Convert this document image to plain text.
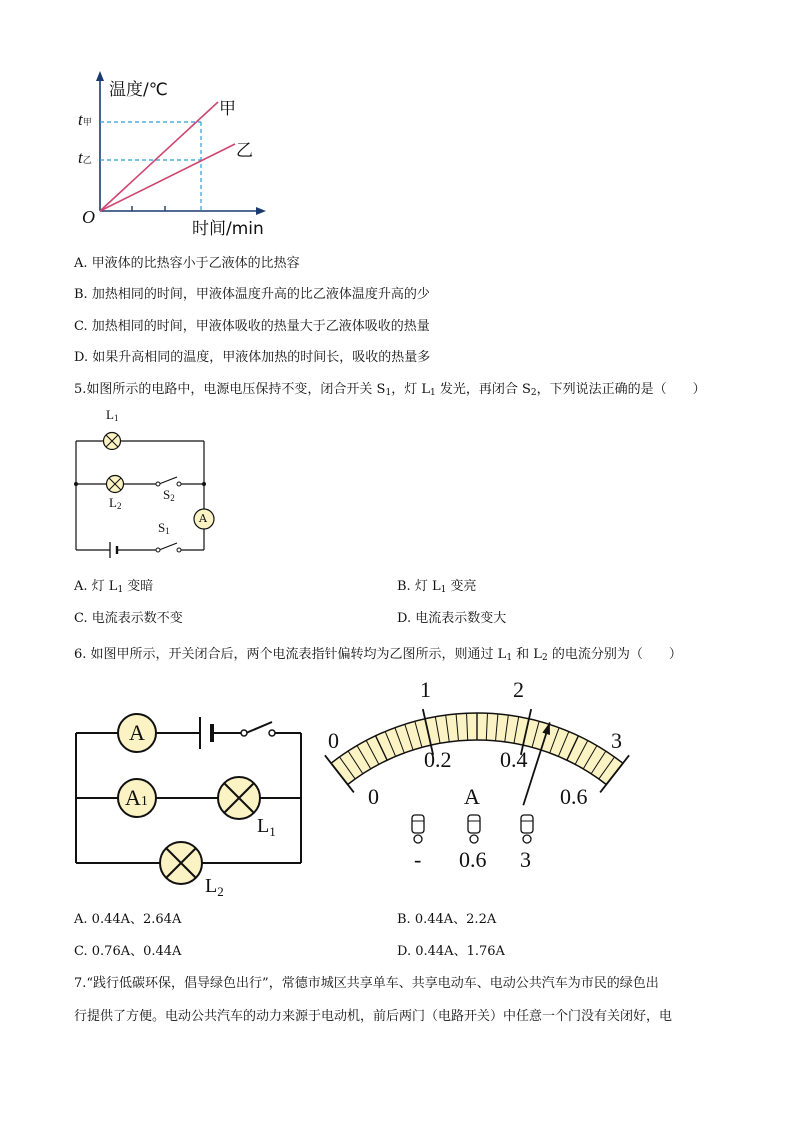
温度/℃
时间/min
O
甲
乙
t甲
t乙
A. 甲液体的比热容小于乙液体的比热容
B. 加热相同的时间，甲液体温度升高的比乙液体温度升高的少
C. 加热相同的时间，甲液体吸收的热量大于乙液体吸收的热量
D. 如果升高相同的温度，甲液体加热的时间长，吸收的热量多
5.如图所示的电路中，电源电压保持不变，闭合开关 $S_1$，灯 $L_1$ 发光，再闭合 $S_2$，下列说法正确的是（　　）
A
$L_1$
$L_2$
$S_2$
$S_1$
A. 灯 $L_1$ 变暗	B. 灯 $L_1$ 变亮
C. 电流表示数不变	D. 电流表示数变大
6. 如图甲所示，开关闭合后，两个电流表指针偏转均为乙图所示，则通过 $L_1$ 和 $L_2$ 的电流分别为（　　）
A
A1
$L_1$
$L_2$
0
1	2
3
0
0.2 0.4
0.6
A
- 0.6 3
A. 0.44A、2.64A	B. 0.44A、2.2A
C. 0.76A、0.44A	D. 0.44A、1.76A
7.“践行低碳环保，倡导绿色出行”，常德市城区共享单车、共享电动车、电动公共汽车为市民的绿色出
行提供了方便。电动公共汽车的动力来源于电动机，前后两门（电路开关）中任意一个门没有关闭好，电
